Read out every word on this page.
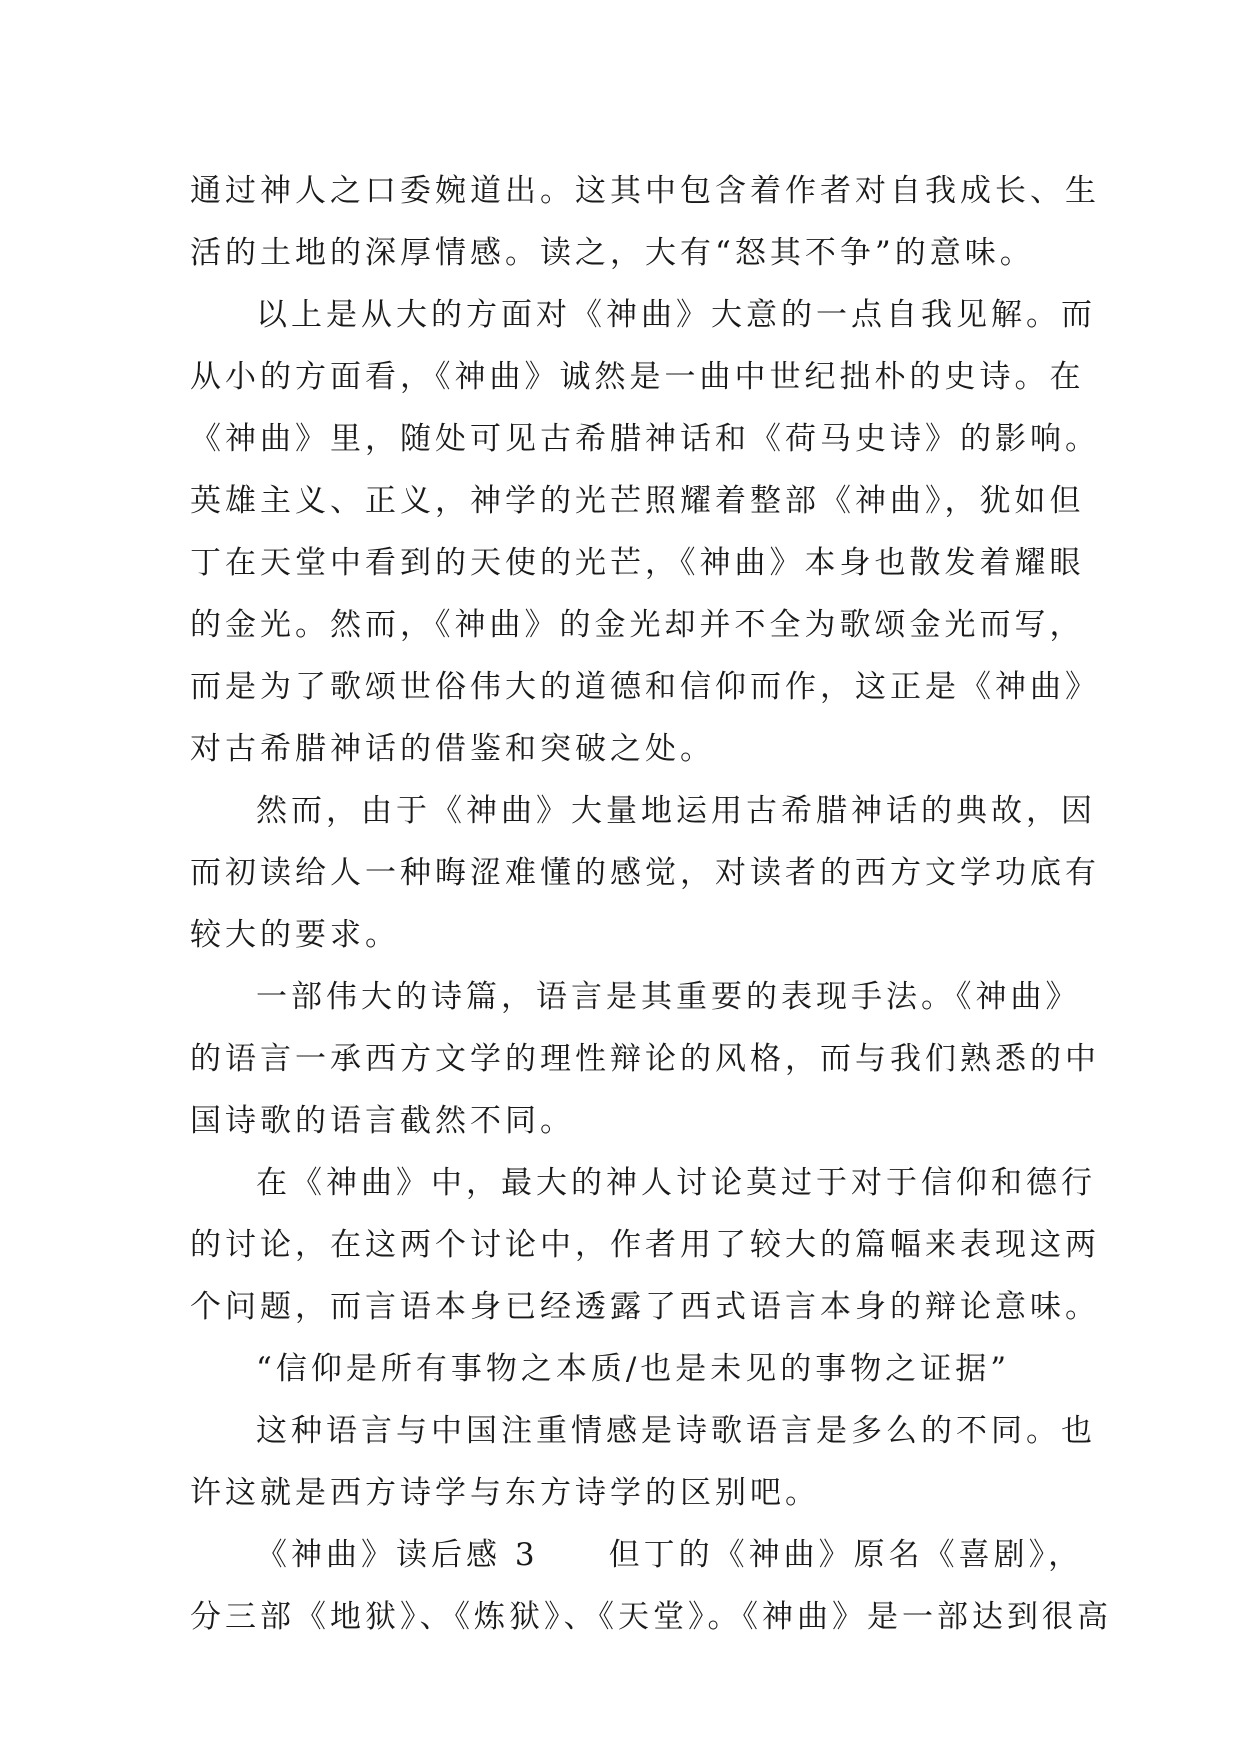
通过神人之口委婉道出。这其中包含着作者对自我成长、生
活的土地的深厚情感。读之，大有“怒其不争”的意味。
以上是从大的方面对《神曲》大意的一点自我见解。而
从小的方面看，《神曲》诚然是一曲中世纪拙朴的史诗。在
《神曲》里，随处可见古希腊神话和《荷马史诗》的影响。
英雄主义、正义，神学的光芒照耀着整部《神曲》，犹如但
丁在天堂中看到的天使的光芒，《神曲》本身也散发着耀眼
的金光。然而，《神曲》的金光却并不全为歌颂金光而写，
而是为了歌颂世俗伟大的道德和信仰而作，这正是《神曲》
对古希腊神话的借鉴和突破之处。
然而，由于《神曲》大量地运用古希腊神话的典故，因
而初读给人一种晦涩难懂的感觉，对读者的西方文学功底有
较大的要求。
一部伟大的诗篇，语言是其重要的表现手法。《神曲》
的语言一承西方文学的理性辩论的风格，而与我们熟悉的中
国诗歌的语言截然不同。
在《神曲》中，最大的神人讨论莫过于对于信仰和德行
的讨论，在这两个讨论中，作者用了较大的篇幅来表现这两
个问题，而言语本身已经透露了西式语言本身的辩论意味。
“信仰是所有事物之本质/也是未见的事物之证据”
这种语言与中国注重情感是诗歌语言是多么的不同。也
许这就是西方诗学与东方诗学的区别吧。
《神曲》读后感 3 但丁的《神曲》原名《喜剧》，
分三部《地狱》、《炼狱》、《天堂》。《神曲》是一部达到很高
